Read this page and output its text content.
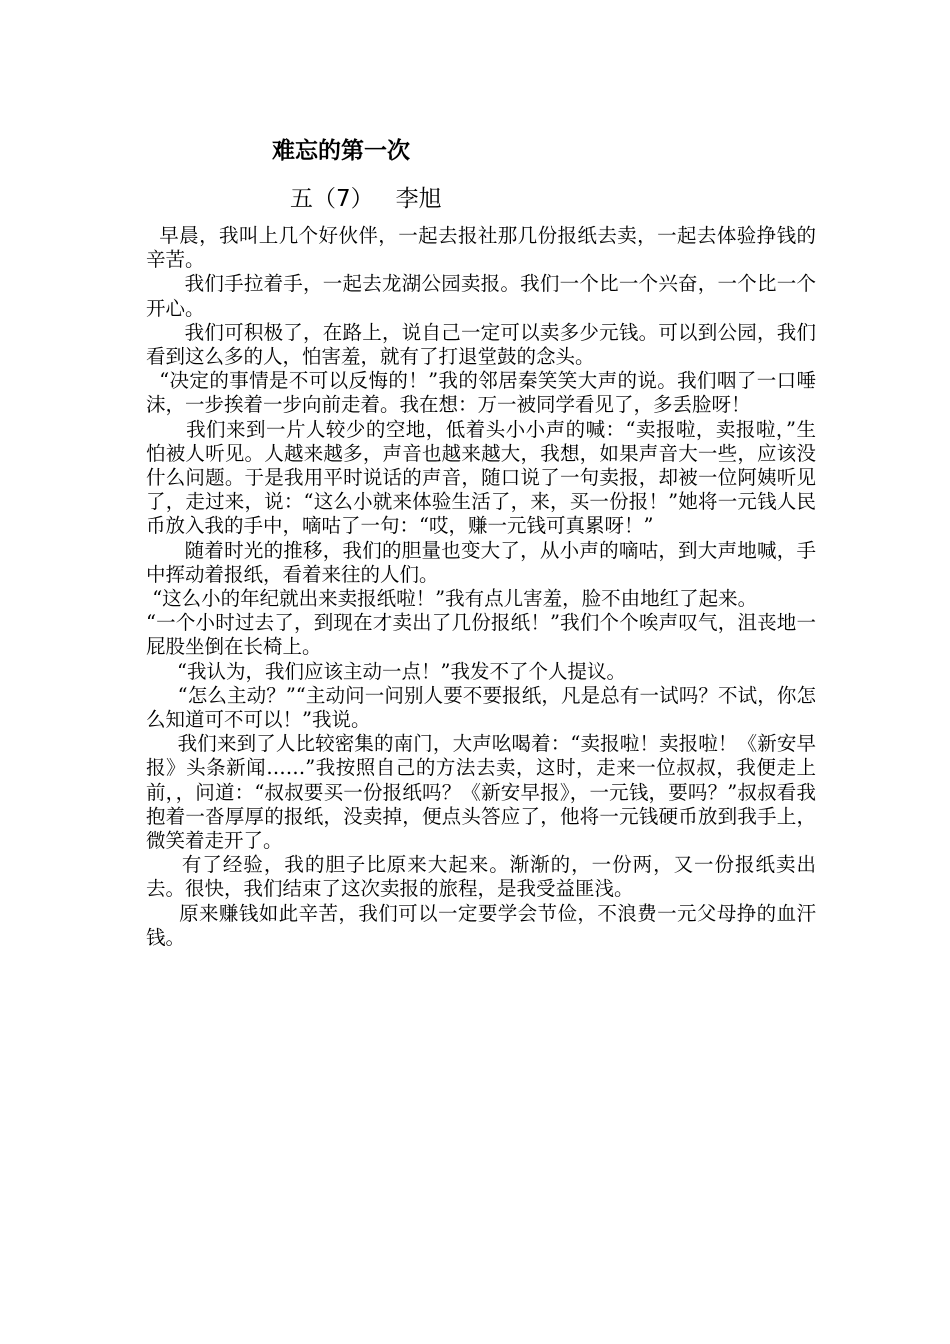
难忘的第一次
五（7） 李旭

早晨，我叫上几个好伙伴，一起去报社那几份报纸去卖，一起去体验挣钱的辛苦。

我们手拉着手，一起去龙湖公园卖报。我们一个比一个兴奋，一个比一个开心。

我们可积极了，在路上，说自己一定可以卖多少元钱。可以到公园，我们看到这么多的人，怕害羞，就有了打退堂鼓的念头。

“决定的事情是不可以反悔的！”我的邻居秦笑笑大声的说。我们咽了一口唾沫，一步挨着一步向前走着。我在想：万一被同学看见了，多丢脸呀！

我们来到一片人较少的空地，低着头小小声的喊：“卖报啦，卖报啦，”生怕被人听见。人越来越多，声音也越来越大，我想，如果声音大一些，应该没什么问题。于是我用平时说话的声音，随口说了一句卖报，却被一位阿姨听见了，走过来，说：“这么小就来体验生活了，来，买一份报！”她将一元钱人民币放入我的手中，嘀咕了一句：“哎，赚一元钱可真累呀！”

随着时光的推移，我们的胆量也变大了，从小声的嘀咕，到大声地喊，手中挥动着报纸，看着来往的人们。

“这么小的年纪就出来卖报纸啦！”我有点儿害羞，脸不由地红了起来。

“一个小时过去了，到现在才卖出了几份报纸！”我们个个唉声叹气，沮丧地一屁股坐倒在长椅上。

“我认为，我们应该主动一点！”我发不了个人提议。

“怎么主动？”“主动问一问别人要不要报纸，凡是总有一试吗？不试，你怎么知道可不可以！”我说。

我们来到了人比较密集的南门，大声吆喝着：“卖报啦！卖报啦！《新安早报》头条新闻……”我按照自己的方法去卖，这时，走来一位叔叔，我便走上前，，问道：“叔叔要买一份报纸吗？《新安早报》，一元钱，要吗？”叔叔看我抱着一沓厚厚的报纸，没卖掉，便点头答应了，他将一元钱硬币放到我手上，微笑着走开了。

有了经验，我的胆子比原来大起来。渐渐的，一份两，又一份报纸卖出去。很快，我们结束了这次卖报的旅程，是我受益匪浅。

原来赚钱如此辛苦，我们可以一定要学会节俭，不浪费一元父母挣的血汗钱。
